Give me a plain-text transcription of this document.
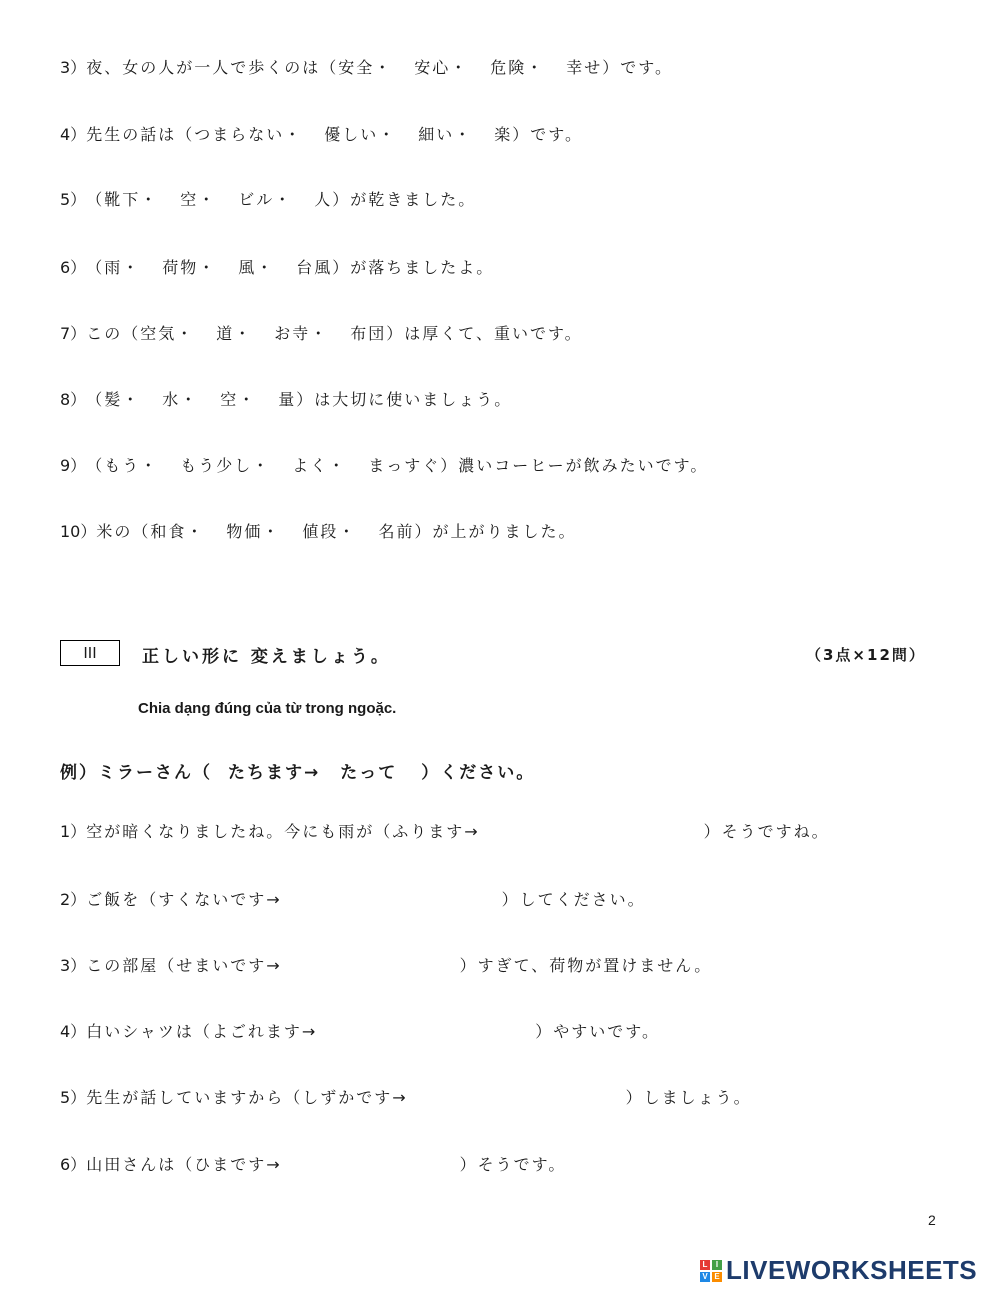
3）夜、女の人が一人で歩くのは（安全・ 安心・ 危険・ 幸せ）です。
4）先生の話は（つまらない・ 優しい・ 細い・ 楽）です。
5）（靴下・ 空・ ビル・ 人）が乾きました。
6）（雨・ 荷物・ 風・ 台風）が落ちましたよ。
7）この（空気・ 道・ お寺・ 布団）は厚くて、重いです。
8）（髪・ 水・ 空・ 量）は大切に使いましょう。
9）（もう・ もう少し・ よく・ まっすぐ）濃いコーヒーが飲みたいです。
10）米の（和食・ 物価・ 値段・ 名前）が上がりました。
III	正しい形に 変えましょう。	（3点×12問）
Chia dạng đúng của từ trong ngoặc.
例）ミラーさん（ たちます→ たって ）ください。
1）空が暗くなりましたね。今にも雨が（ふります→	）そうですね。
2）ご飯を（すくないです→	）してください。
3）この部屋（せまいです→	）すぎて、荷物が置けません。
4）白いシャツは（よごれます→	）やすいです。
5）先生が話していますから（しずかです→	）しましょう。
6）山田さんは（ひまです→	）そうです。
2
L	I
V E LIVEWORKSHEETS
